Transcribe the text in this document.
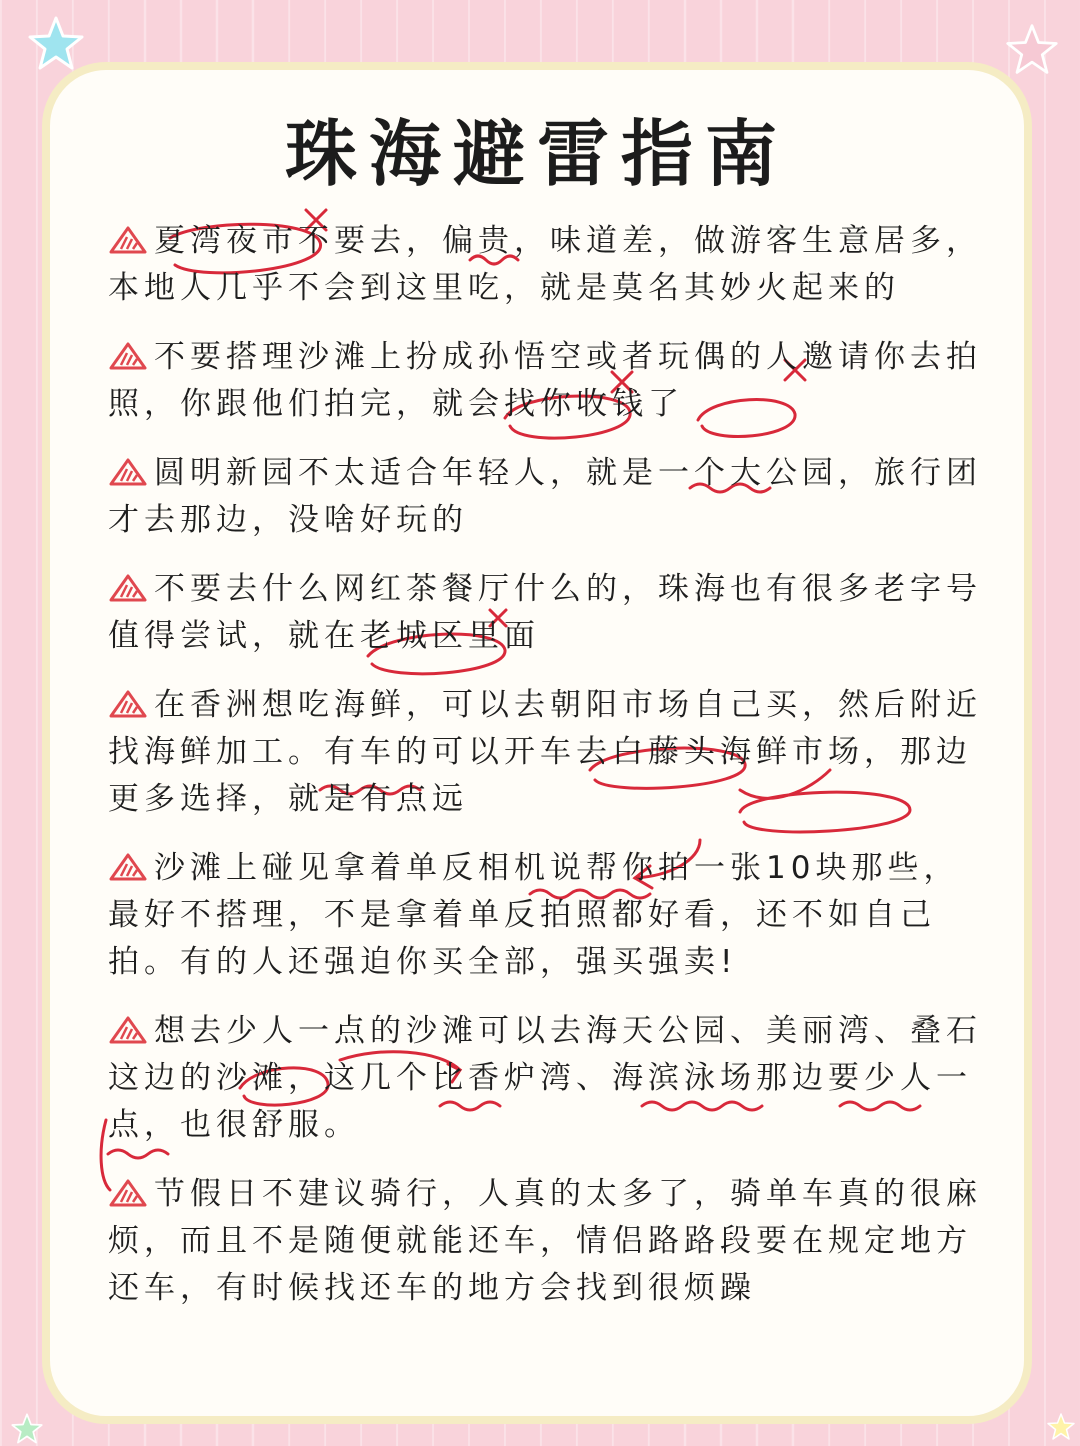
珠海避雷指南

夏湾夜市不要去，偏贵，味道差，做游客生意居多，本地人几乎不会到这里吃，就是莫名其妙火起来的

不要搭理沙滩上扮成孙悟空或者玩偶的人邀请你去拍照，你跟他们拍完，就会找你收钱了

圆明新园不太适合年轻人，就是一个大公园，旅行团才去那边，没啥好玩的

不要去什么网红茶餐厅什么的，珠海也有很多老字号值得尝试，就在老城区里面

在香洲想吃海鲜，可以去朝阳市场自己买，然后附近找海鲜加工。有车的可以开车去白藤头海鲜市场，那边更多选择，就是有点远

沙滩上碰见拿着单反相机说帮你拍一张10块那些，最好不搭理，不是拿着单反拍照都好看，还不如自己拍。有的人还强迫你买全部，强买强卖!

想去少人一点的沙滩可以去海天公园、美丽湾、叠石这边的沙滩，这几个比香炉湾、海滨泳场那边要少人一点，也很舒服。

节假日不建议骑行，人真的太多了，骑单车真的很麻烦，而且不是随便就能还车，情侣路路段要在规定地方还车，有时候找还车的地方会找到很烦躁
